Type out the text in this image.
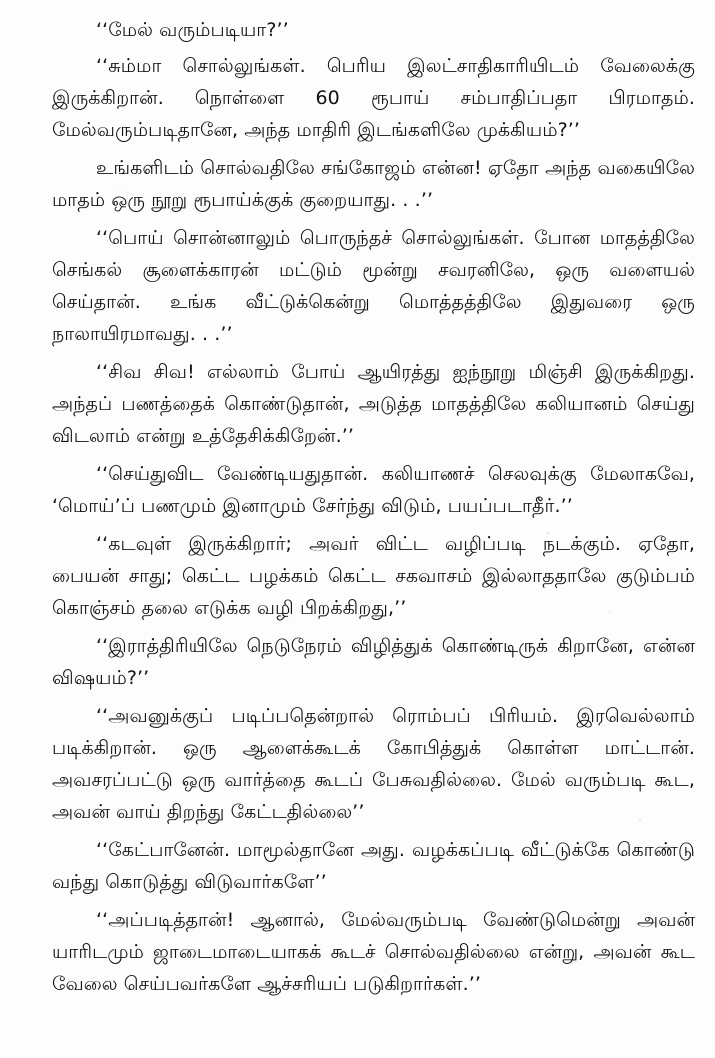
‘‘மேல் வரும்படியா?’’

‘‘சும்மா சொல்லுங்கள். பெரிய இலட்சாதிகாரியிடம் வேலைக்கு இருக்கிறான். நொள்ளை 60 ரூபாய் சம்பாதிப்பதா பிரமாதம். மேல்வரும்படிதானே, அந்த மாதிரி இடங்களிலே முக்கியம்?’’

உங்களிடம் சொல்வதிலே சங்கோஜம் என்ன! ஏதோ அந்த வகையிலே மாதம் ஒரு நூறு ரூபாய்க்குக் குறையாது. . .’’

‘‘பொய் சொன்னாலும் பொருந்தச் சொல்லுங்கள். போன மாதத்திலே செங்கல் சூளைக்காரன் மட்டும் மூன்று சவரனிலே, ஒரு வளையல் செய்தான். உங்க வீட்டுக்கென்று மொத்தத்திலே இதுவரை ஒரு நாலாயிரமாவது. . .’’

‘‘சிவ சிவ! எல்லாம் போய் ஆயிரத்து ஐந்நூறு மிஞ்சி இருக்கிறது. அந்தப் பணத்தைக் கொண்டுதான், அடுத்த மாதத்திலே கலியானம் செய்து விடலாம் என்று உத்தேசிக்கிறேன்.’’

‘‘செய்துவிட வேண்டியதுதான். கலியாணச் செலவுக்கு மேலாகவே, ‘மொய்’ப் பணமும் இனாமும் சேர்ந்து விடும், பயப்படாதீர்.’’

‘‘கடவுள் இருக்கிறார்; அவர் விட்ட வழிப்படி நடக்கும். ஏதோ, பையன் சாது; கெட்ட பழக்கம் கெட்ட சகவாசம் இல்லாததாலே குடும்பம் கொஞ்சம் தலை எடுக்க வழி பிறக்கிறது,’’

‘‘இராத்திரியிலே நெடுநேரம் விழித்துக் கொண்டிருக் கிறானே, என்ன விஷயம்?’’

‘‘அவனுக்குப் படிப்பதென்றால் ரொம்பப் பிரியம். இரவெல்லாம் படிக்கிறான். ஒரு ஆளைக்கூடக் கோபித்துக் கொள்ள மாட்டான். அவசரப்பட்டு ஒரு வார்த்தை கூடப் பேசுவதில்லை. மேல் வரும்படி கூட, அவன் வாய் திறந்து கேட்டதில்லை’’

‘‘கேட்பானேன். மாமூல்தானே அது. வழக்கப்படி வீட்டுக்கே கொண்டு வந்து கொடுத்து விடுவார்களே’’

‘‘அப்படித்தான்! ஆனால், மேல்வரும்படி வேண்டுமென்று அவன் யாரிடமும் ஜாடைமாடையாகக் கூடச் சொல்வதில்லை என்று, அவன் கூட வேலை செய்பவர்களே ஆச்சரியப் படுகிறார்கள்.’’
